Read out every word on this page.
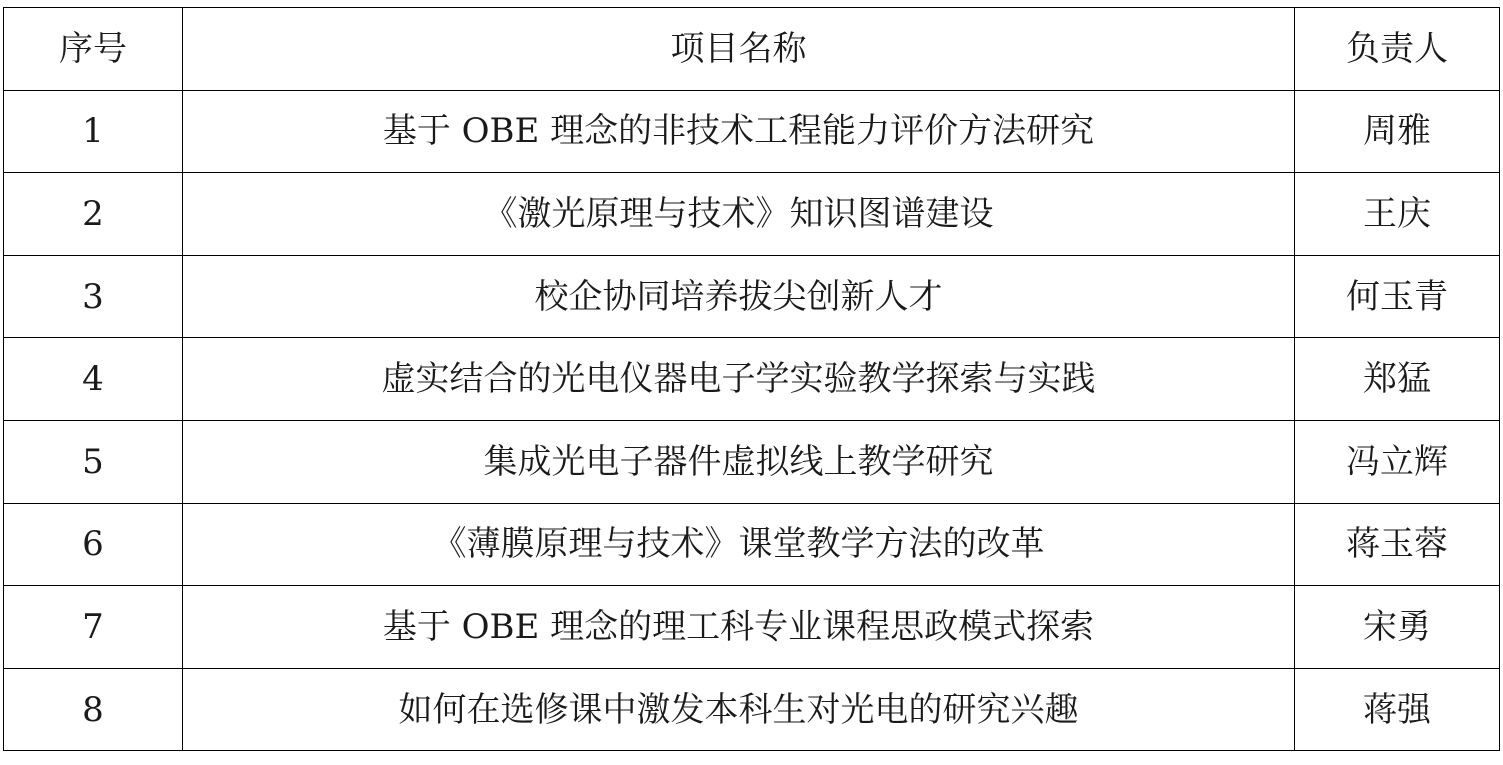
序号	项目名称	负责人
1	基于 OBE 理念的非技术工程能力评价方法研究	周雅
2	《激光原理与技术》知识图谱建设	王庆
3	校企协同培养拔尖创新人才	何玉青
4	虚实结合的光电仪器电子学实验教学探索与实践	郑猛
5	集成光电子器件虚拟线上教学研究	冯立辉
6	《薄膜原理与技术》课堂教学方法的改革	蒋玉蓉
7	基于 OBE 理念的理工科专业课程思政模式探索	宋勇
8	如何在选修课中激发本科生对光电的研究兴趣	蒋强
